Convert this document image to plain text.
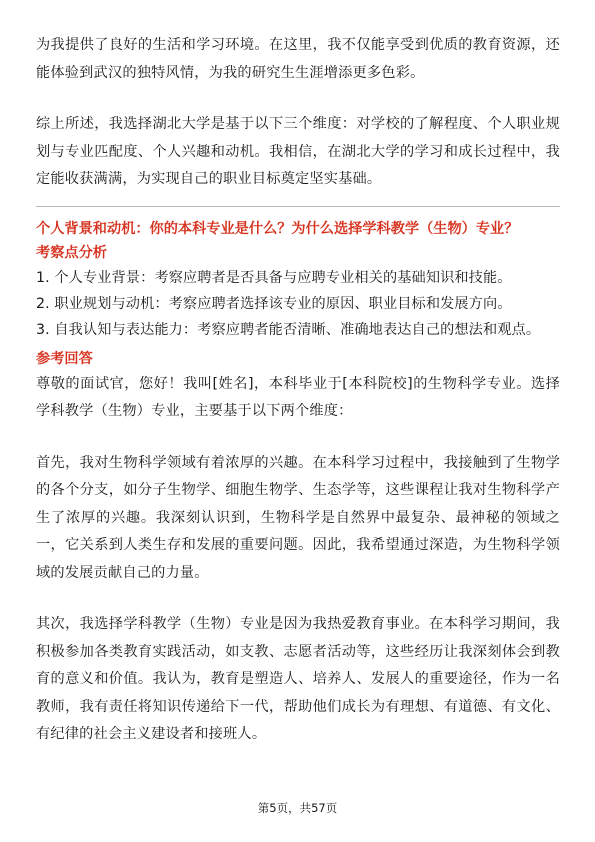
为我提供了良好的生活和学习环境。在这里，我不仅能享受到优质的教育资源，还能体验到武汉的独特风情，为我的研究生生涯增添更多色彩。

综上所述，我选择湖北大学是基于以下三个维度：对学校的了解程度、个人职业规划与专业匹配度、个人兴趣和动机。我相信，在湖北大学的学习和成长过程中，我定能收获满满，为实现自己的职业目标奠定坚实基础。

个人背景和动机：你的本科专业是什么？为什么选择学科教学（生物）专业？

考察点分析

1. 个人专业背景：考察应聘者是否具备与应聘专业相关的基础知识和技能。

2. 职业规划与动机：考察应聘者选择该专业的原因、职业目标和发展方向。

3. 自我认知与表达能力：考察应聘者能否清晰、准确地表达自己的想法和观点。

参考回答

尊敬的面试官，您好！我叫[姓名]，本科毕业于[本科院校]的生物科学专业。选择学科教学（生物）专业，主要基于以下两个维度：

首先，我对生物科学领域有着浓厚的兴趣。在本科学习过程中，我接触到了生物学的各个分支，如分子生物学、细胞生物学、生态学等，这些课程让我对生物科学产生了浓厚的兴趣。我深刻认识到，生物科学是自然界中最复杂、最神秘的领域之一，它关系到人类生存和发展的重要问题。因此，我希望通过深造，为生物科学领域的发展贡献自己的力量。

其次，我选择学科教学（生物）专业是因为我热爱教育事业。在本科学习期间，我积极参加各类教育实践活动，如支教、志愿者活动等，这些经历让我深刻体会到教育的意义和价值。我认为，教育是塑造人、培养人、发展人的重要途径，作为一名教师，我有责任将知识传递给下一代，帮助他们成长为有理想、有道德、有文化、有纪律的社会主义建设者和接班人。

第5页，共57页
